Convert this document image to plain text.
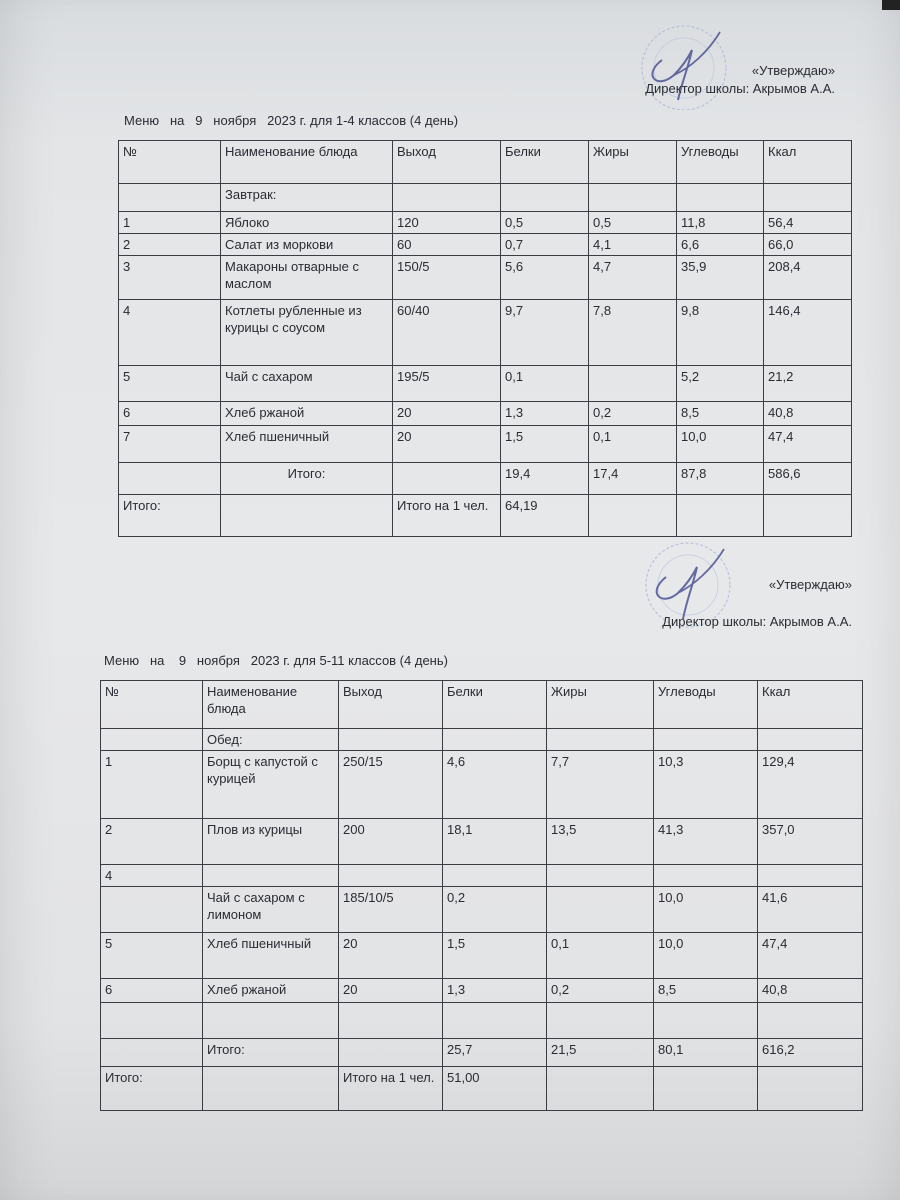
«Утверждаю»
Директор школы: Акрымов А.А.
Меню   на   9   ноября   2023 г. для 1-4 классов (4 день)
№	Наименование блюда	Выход	Белки	Жиры	Углеводы	Ккал
	Завтрак:					
1	Яблоко	120	0,5	0,5	11,8	56,4
2	Салат из моркови	60	0,7	4,1	6,6	66,0
3	Макароны отварные с маслом	150/5	5,6	4,7	35,9	208,4
4	Котлеты рубленные из курицы с соусом	60/40	9,7	7,8	9,8	146,4
5	Чай с сахаром	195/5	0,1		5,2	21,2
6	Хлеб ржаной	20	1,3	0,2	8,5	40,8
7	Хлеб пшеничный	20	1,5	0,1	10,0	47,4
	Итого:		19,4	17,4	87,8	586,6
Итого:		Итого на 1 чел.	64,19			
«Утверждаю»
Директор школы: Акрымов А.А.
Меню   на    9   ноября   2023 г. для 5-11 классов (4 день)
№	Наименование блюда	Выход	Белки	Жиры	Углеводы	Ккал
	Обед:					
1	Борщ с капустой с курицей	250/15	4,6	7,7	10,3	129,4
2	Плов из курицы	200	18,1	13,5	41,3	357,0
4						
	Чай с сахаром с лимоном	185/10/5	0,2		10,0	41,6
5	Хлеб пшеничный	20	1,5	0,1	10,0	47,4
6	Хлеб ржаной	20	1,3	0,2	8,5	40,8

	Итого:		25,7	21,5	80,1	616,2
Итого:		Итого на 1 чел.	51,00			
